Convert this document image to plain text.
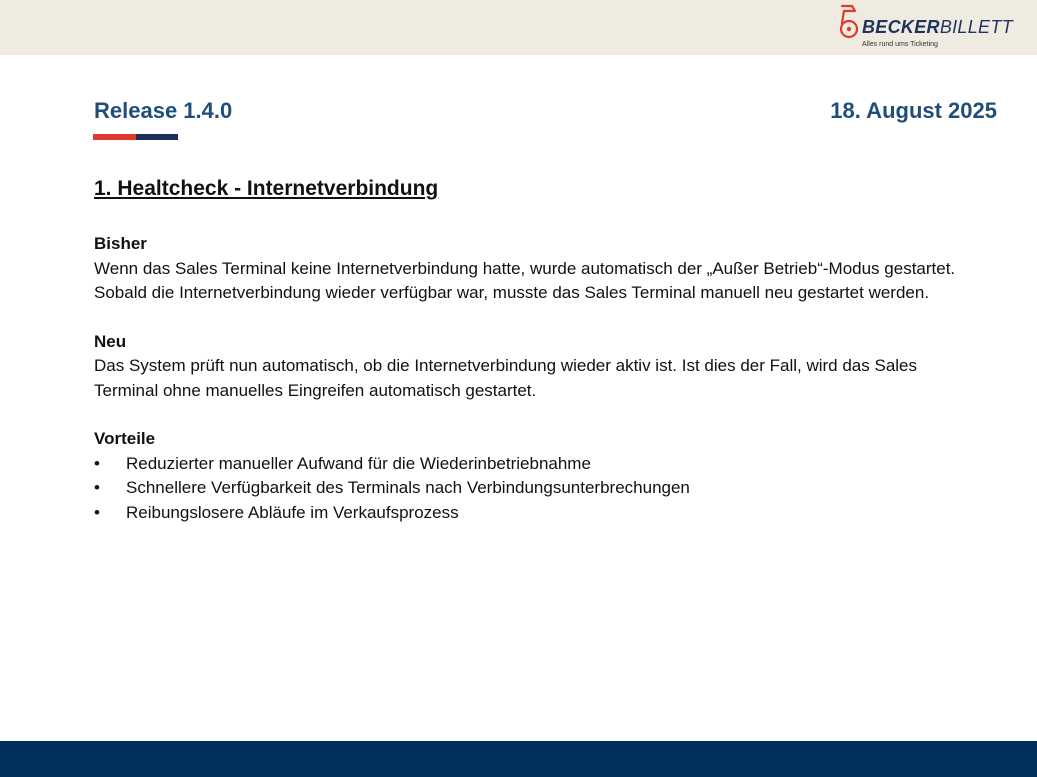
BECKERBILLETT
Alles rund ums Ticketing
Release 1.4.0	18. August 2025
1. Healtcheck - Internetverbindung
Bisher

Wenn das Sales Terminal keine Internetverbindung hatte, wurde automatisch der „Außer Betrieb“-Modus gestartet. Sobald die Internetverbindung wieder verfügbar war, musste das Sales Terminal manuell neu gestartet werden.

Neu

Das System prüft nun automatisch, ob die Internetverbindung wieder aktiv ist. Ist dies der Fall, wird das Sales Terminal ohne manuelles Eingreifen automatisch gestartet.

Vorteile
• Reduzierter manueller Aufwand für die Wiederinbetriebnahme
• Schnellere Verfügbarkeit des Terminals nach Verbindungsunterbrechungen
• Reibungslosere Abläufe im Verkaufsprozess
